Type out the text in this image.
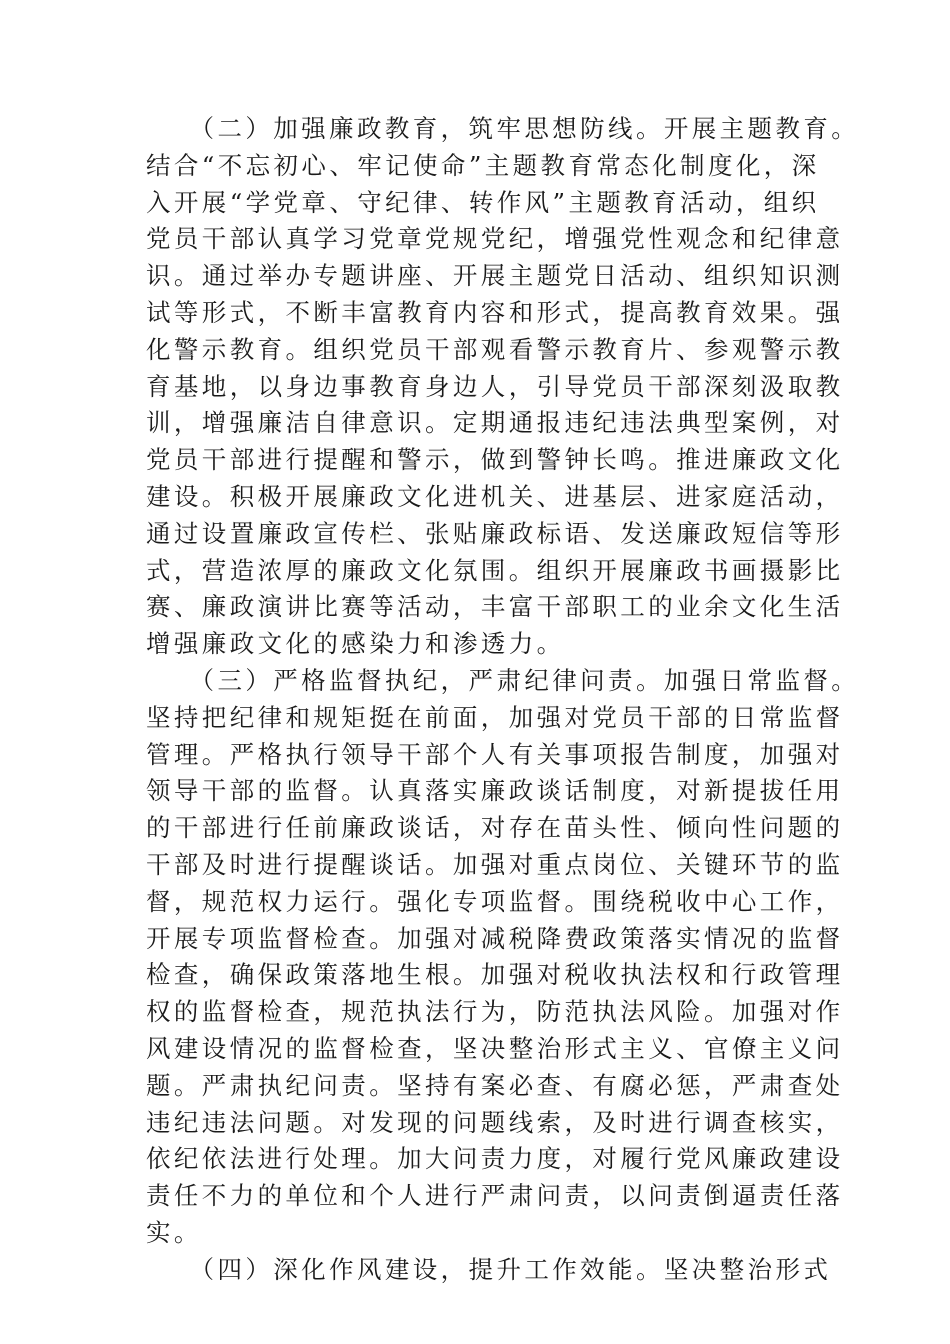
　　（二）加强廉政教育，筑牢思想防线。开展主题教育。
结合“不忘初心、牢记使命”主题教育常态化制度化，深
入开展“学党章、守纪律、转作风”主题教育活动，组织
党员干部认真学习党章党规党纪，增强党性观念和纪律意
识。通过举办专题讲座、开展主题党日活动、组织知识测
试等形式，不断丰富教育内容和形式，提高教育效果。强
化警示教育。组织党员干部观看警示教育片、参观警示教
育基地，以身边事教育身边人，引导党员干部深刻汲取教
训，增强廉洁自律意识。定期通报违纪违法典型案例，对
党员干部进行提醒和警示，做到警钟长鸣。推进廉政文化
建设。积极开展廉政文化进机关、进基层、进家庭活动，
通过设置廉政宣传栏、张贴廉政标语、发送廉政短信等形
式，营造浓厚的廉政文化氛围。组织开展廉政书画摄影比
赛、廉政演讲比赛等活动，丰富干部职工的业余文化生活
增强廉政文化的感染力和渗透力。
　　（三）严格监督执纪，严肃纪律问责。加强日常监督。
坚持把纪律和规矩挺在前面，加强对党员干部的日常监督
管理。严格执行领导干部个人有关事项报告制度，加强对
领导干部的监督。认真落实廉政谈话制度，对新提拔任用
的干部进行任前廉政谈话，对存在苗头性、倾向性问题的
干部及时进行提醒谈话。加强对重点岗位、关键环节的监
督，规范权力运行。强化专项监督。围绕税收中心工作，
开展专项监督检查。加强对减税降费政策落实情况的监督
检查，确保政策落地生根。加强对税收执法权和行政管理
权的监督检查，规范执法行为，防范执法风险。加强对作
风建设情况的监督检查，坚决整治形式主义、官僚主义问
题。严肃执纪问责。坚持有案必查、有腐必惩，严肃查处
违纪违法问题。对发现的问题线索，及时进行调查核实，
依纪依法进行处理。加大问责力度，对履行党风廉政建设
责任不力的单位和个人进行严肃问责，以问责倒逼责任落
实。
　　（四）深化作风建设，提升工作效能。坚决整治形式
